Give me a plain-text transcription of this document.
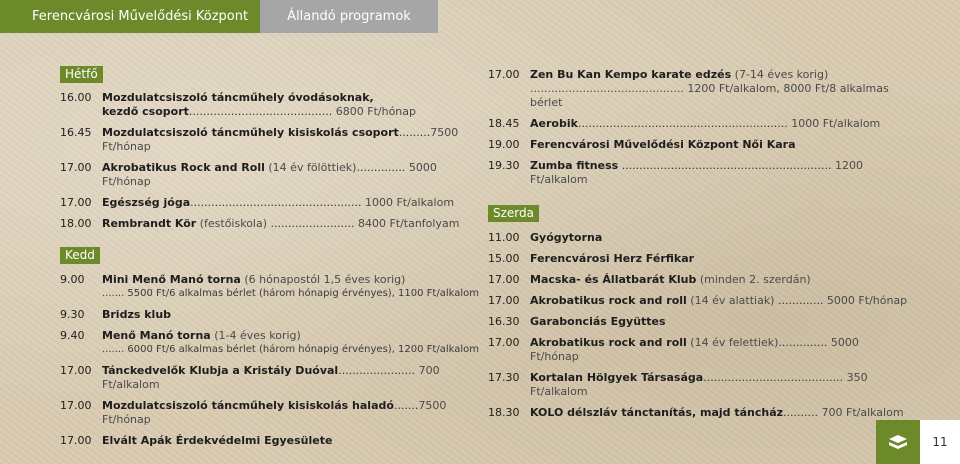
Ferencvárosi Művelődési Központ	Állandó programok
Hétfő
16.00 Mozdulatcsiszoló táncműhely óvodásoknak,
kezdő csoport......................................... 6800 Ft/hónap
16.45 Mozdulatcsiszoló táncműhely kisiskolás csoport.........7500 Ft/hónap
17.00 Akrobatikus Rock and Roll (14 év fölöttiek).............. 5000 Ft/hónap
17.00 Egészség jóga................................................. 1000 Ft/alkalom
18.00 Rembrandt Kör (festőiskola) ........................ 8400 Ft/tanfolyam
Kedd
9.00	Mini Menő Manó torna (6 hónapostól 1,5 éves korig)
....... 5500 Ft/6 alkalmas bérlet (három hónapig érvényes), 1100 Ft/alkalom
9.30	Bridzs klub
9.40	Menő Manó torna (1-4 éves korig)
....... 6000 Ft/6 alkalmas bérlet (három hónapig érvényes), 1200 Ft/alkalom
17.00 Tánckedvelők Klubja a Kristály Duóval...................... 700 Ft/alkalom
17.00 Mozdulatcsiszoló táncműhely kisiskolás haladó.......7500 Ft/hónap
17.00 Elvált Apák Érdekvédelmi Egyesülete
17.00 Zen Bu Kan Kempo karate edzés (7-14 éves korig)
............................................ 1200 Ft/alkalom, 8000 Ft/8 alkalmas bérlet
18.45 Aerobik............................................................ 1000 Ft/alkalom
19.00 Ferencvárosi Művelődési Központ Női Kara
19.30 Zumba fitness ............................................................ 1200 Ft/alkalom
Szerda
11.00 Gyógytorna
15.00 Ferencvárosi Herz Férfikar
17.00 Macska- és Állatbarát Klub (minden 2. szerdán)
17.00 Akrobatikus rock and roll (14 év alattiak) ............. 5000 Ft/hónap
16.30 Garabonciás Együttes
17.00 Akrobatikus rock and roll (14 év felettiek).............. 5000 Ft/hónap
17.30 Kortalan Hölgyek Társasága........................................ 350 Ft/alkalom
18.30 KOLO délszláv tánctanítás, majd táncház.......... 700 Ft/alkalom
11
